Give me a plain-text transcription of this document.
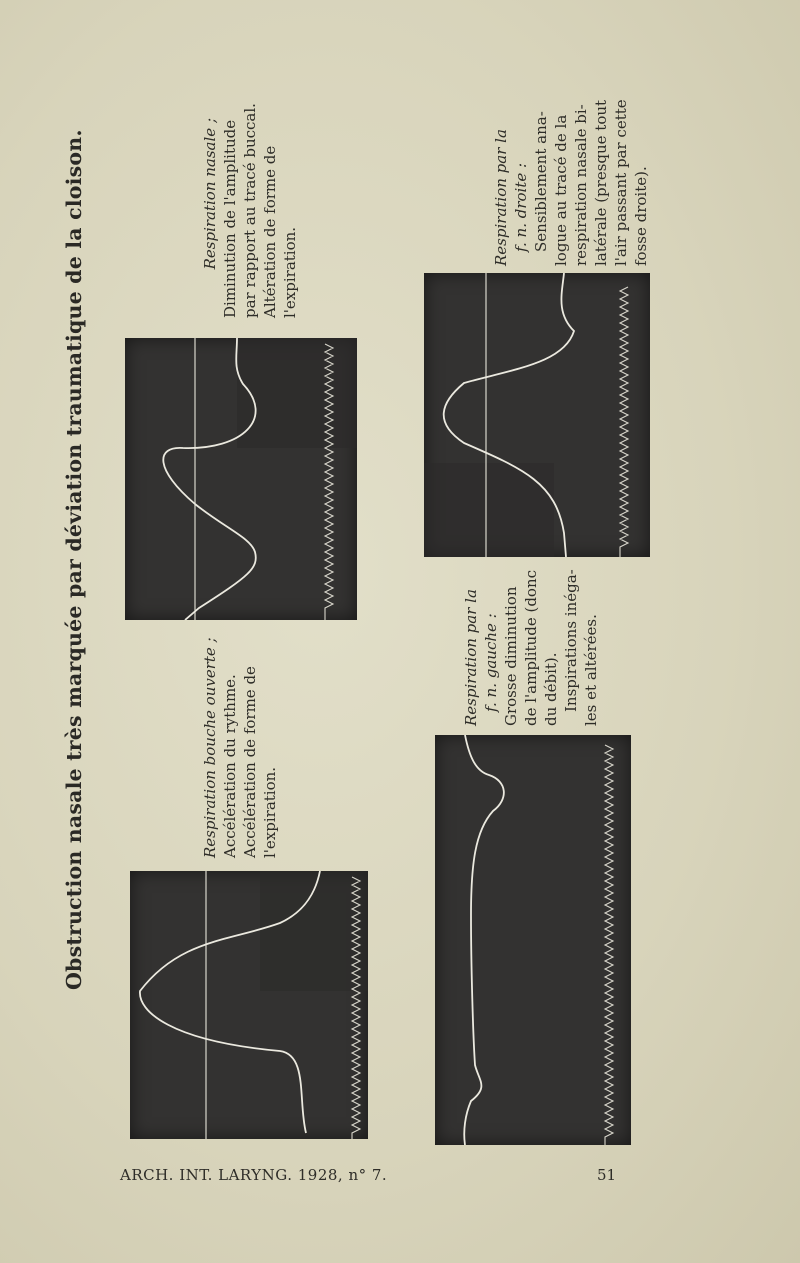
Obstruction nasale très marquée par déviation traumatique de la cloison.	Respiration nasale ; Diminution de l'amplitude par rapport au tracé buccal. Altération de forme de l'expiration.
Respiration bouche ouverte ; Accélération du rythme. Accélération de forme de l'expiration.
Respiration par la f. n. gauche : Grosse diminution de l'amplitude (donc du débit). Inspirations inéga- les et altérées.
Respiration par la f. n. droite : Sensiblement ana- logue au tracé de la respiration nasale bi- latérale (presque tout l'air passant par cette fosse droite).
ARCH. INT. LARYNG. 1928, n° 7.	51
